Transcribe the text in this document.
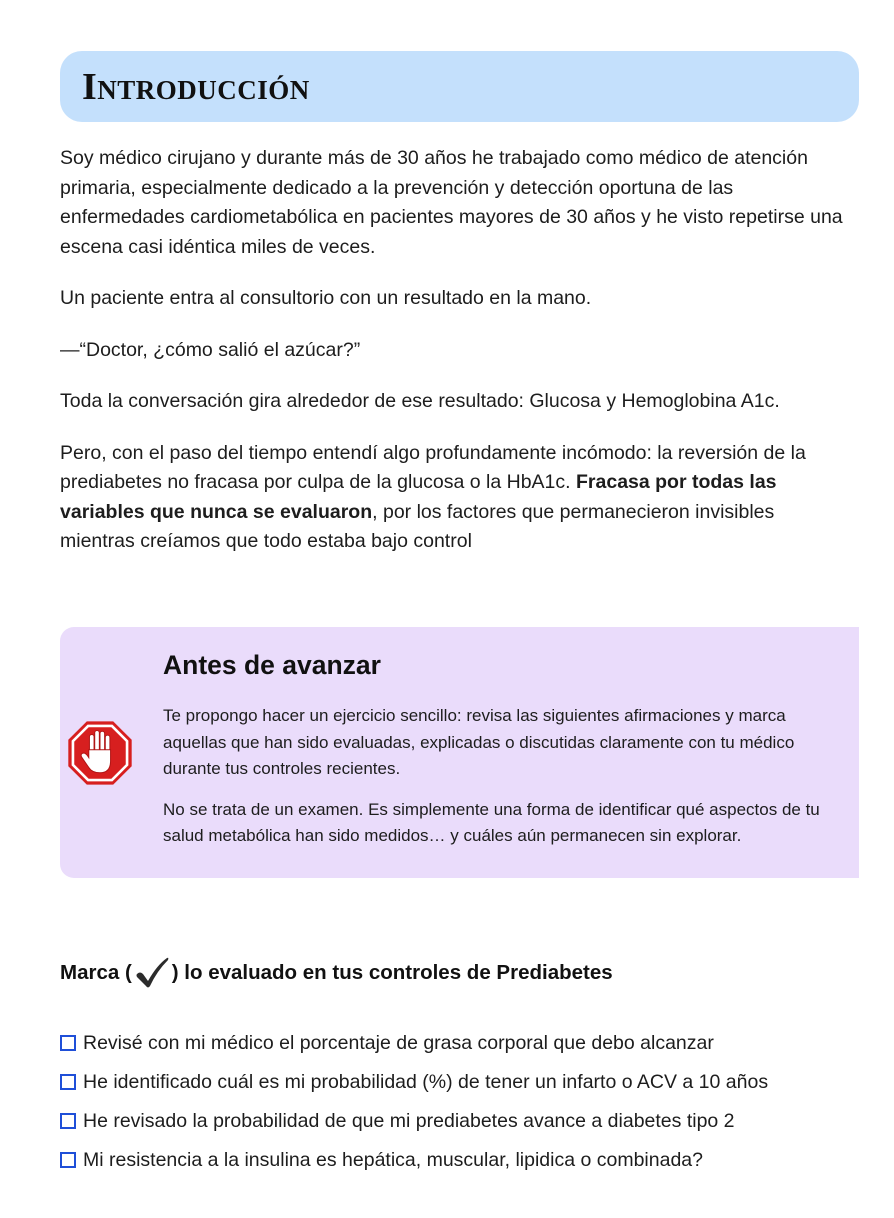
Introducción

Soy médico cirujano y durante más de 30 años he trabajado como médico de atención primaria, especialmente dedicado a la prevención y detección oportuna de las enfermedades cardiometabólica en pacientes mayores de 30 años y he visto repetirse una escena casi idéntica miles de veces.

Un paciente entra al consultorio con un resultado en la mano.

—“Doctor, ¿cómo salió el azúcar?”

Toda la conversación gira alrededor de ese resultado: Glucosa y Hemoglobina A1c.

Pero, con el paso del tiempo entendí algo profundamente incómodo: la reversión de la prediabetes no fracasa por culpa de la glucosa o la HbA1c. Fracasa por todas las variables que nunca se evaluaron, por los factores que permanecieron invisibles mientras creíamos que todo estaba bajo control

Antes de avanzar

Te propongo hacer un ejercicio sencillo: revisa las siguientes afirmaciones y marca aquellas que han sido evaluadas, explicadas o discutidas claramente con tu médico durante tus controles recientes.

No se trata de un examen. Es simplemente una forma de identificar qué aspectos de tu salud metabólica han sido medidos… y cuáles aún permanecen sin explorar.

Marca ( ) lo evaluado en tus controles de Prediabetes
Revisé con mi médico el porcentaje de grasa corporal que debo alcanzar
He identificado cuál es mi probabilidad (%) de tener un infarto o ACV a 10 años
He revisado la probabilidad de que mi prediabetes avance a diabetes tipo 2
Mi resistencia a la insulina es hepática, muscular, lipidica o combinada?
